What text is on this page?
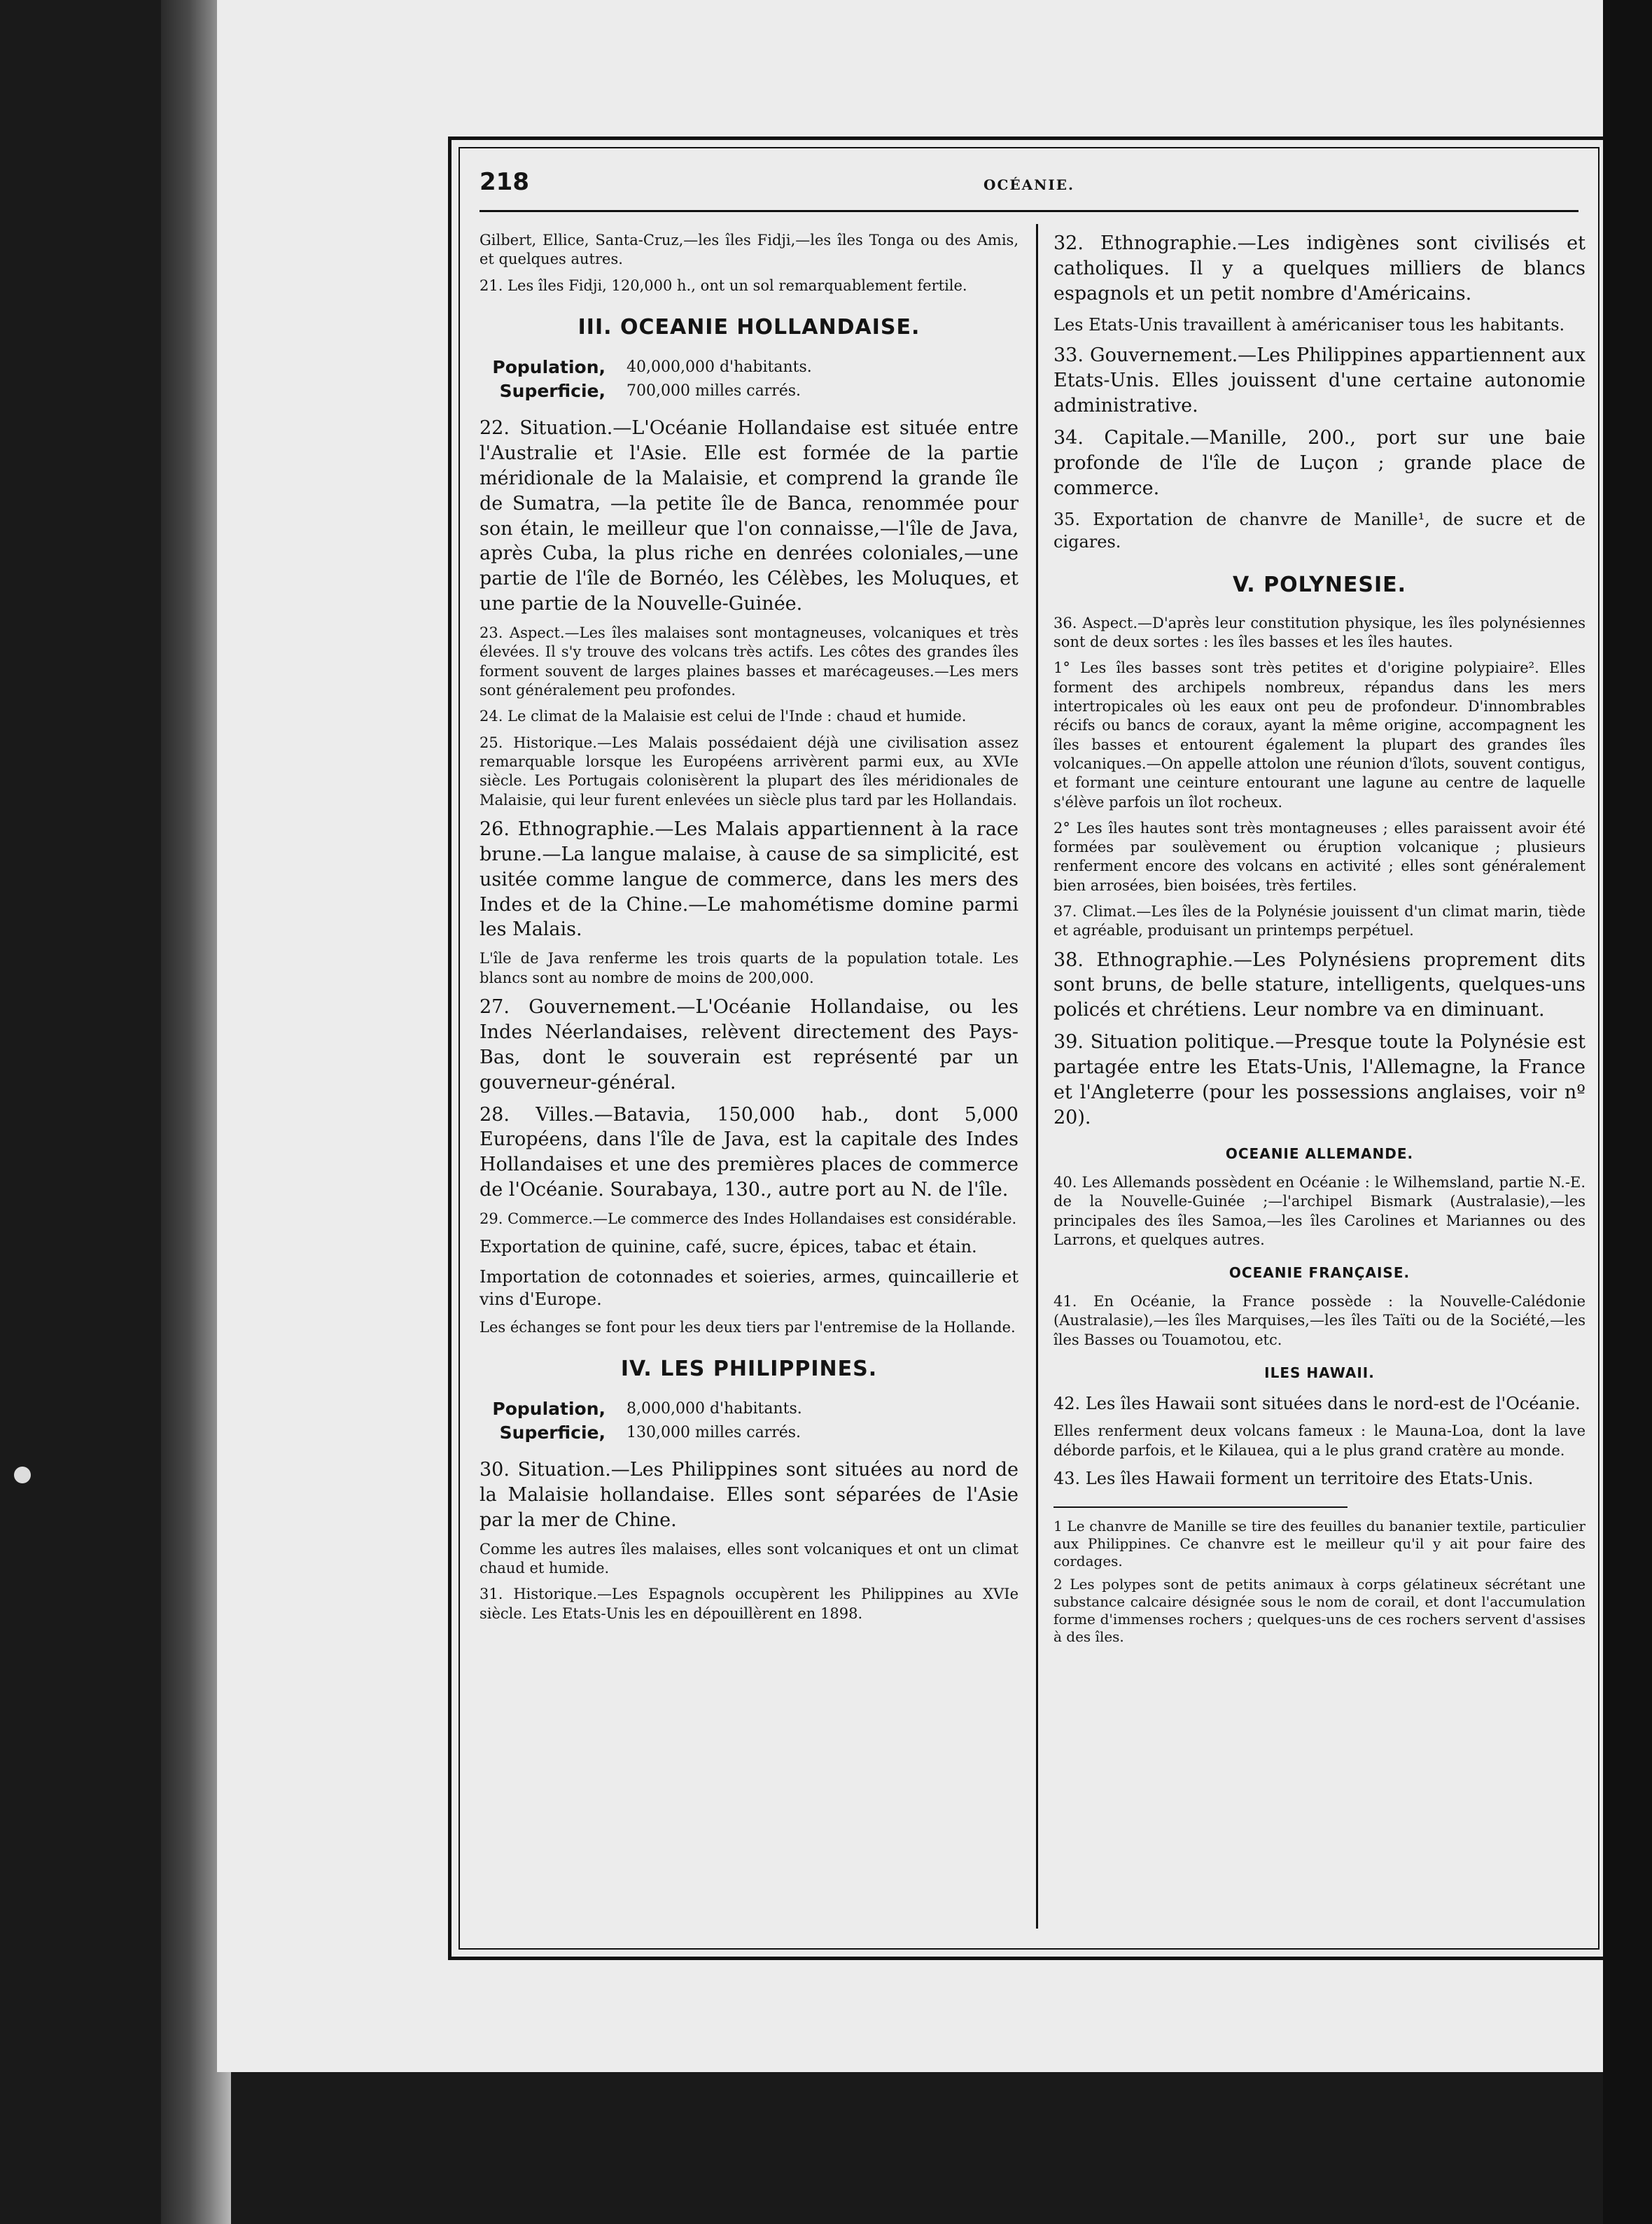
218	OCÉANIE.

Gilbert, Ellice, Santa-Cruz,—les îles Fidji,—les îles Tonga ou des Amis, et quelques autres.

21. Les îles Fidji, 120,000 h., ont un sol remarquablement fertile.

III. OCEANIE HOLLANDAISE.
Population, 40,000,000 d'habitants.
Superficie, 700,000 milles carrés.

22. Situation.—L'Océanie Hollandaise est située entre l'Australie et l'Asie. Elle est formée de la partie méridionale de la Malaisie, et comprend la grande île de Sumatra, —la petite île de Banca, renommée pour son étain, le meilleur que l'on connaisse,—l'île de Java, après Cuba, la plus riche en denrées coloniales,—une partie de l'île de Bornéo, les Célèbes, les Moluques, et une partie de la Nouvelle-Guinée.

23. Aspect.—Les îles malaises sont montagneuses, volcaniques et très élevées. Il s'y trouve des volcans très actifs. Les côtes des grandes îles forment souvent de larges plaines basses et marécageuses.—Les mers sont généralement peu profondes.

24. Le climat de la Malaisie est celui de l'Inde : chaud et humide.

25. Historique.—Les Malais possédaient déjà une civilisation assez remarquable lorsque les Européens arrivèrent parmi eux, au XVIe siècle. Les Portugais colonisèrent la plupart des îles méridionales de Malaisie, qui leur furent enlevées un siècle plus tard par les Hollandais.

26. Ethnographie.—Les Malais appartiennent à la race brune.—La langue malaise, à cause de sa simplicité, est usitée comme langue de commerce, dans les mers des Indes et de la Chine.—Le mahométisme domine parmi les Malais.

L'île de Java renferme les trois quarts de la population totale. Les blancs sont au nombre de moins de 200,000.

27. Gouvernement.—L'Océanie Hollandaise, ou les Indes Néerlandaises, relèvent directement des Pays-Bas, dont le souverain est représenté par un gouverneur-général.

28. Villes.—Batavia, 150,000 hab., dont 5,000 Européens, dans l'île de Java, est la capitale des Indes Hollandaises et une des premières places de commerce de l'Océanie. Sourabaya, 130., autre port au N. de l'île.

29. Commerce.—Le commerce des Indes Hollandaises est considérable.

Exportation de quinine, café, sucre, épices, tabac et étain.

Importation de cotonnades et soieries, armes, quincaillerie et vins d'Europe.

Les échanges se font pour les deux tiers par l'entremise de la Hollande.

IV. LES PHILIPPINES.
Population, 8,000,000 d'habitants.
Superficie, 130,000 milles carrés.

30. Situation.—Les Philippines sont situées au nord de la Malaisie hollandaise. Elles sont séparées de l'Asie par la mer de Chine.

Comme les autres îles malaises, elles sont volcaniques et ont un climat chaud et humide.

31. Historique.—Les Espagnols occupèrent les Philippines au XVIe siècle. Les Etats-Unis les en dépouillèrent en 1898.

32. Ethnographie.—Les indigènes sont civilisés et catholiques. Il y a quelques milliers de blancs espagnols et un petit nombre d'Américains.

Les Etats-Unis travaillent à américaniser tous les habitants.

33. Gouvernement.—Les Philippines appartiennent aux Etats-Unis. Elles jouissent d'une certaine autonomie administrative.

34. Capitale.—Manille, 200., port sur une baie profonde de l'île de Luçon ; grande place de commerce.

35. Exportation de chanvre de Manille¹, de sucre et de cigares.

V. POLYNESIE.

36. Aspect.—D'après leur constitution physique, les îles polynésiennes sont de deux sortes : les îles basses et les îles hautes.

1° Les îles basses sont très petites et d'origine polypiaire². Elles forment des archipels nombreux, répandus dans les mers intertropicales où les eaux ont peu de profondeur. D'innombrables récifs ou bancs de coraux, ayant la même origine, accompagnent les îles basses et entourent également la plupart des grandes îles volcaniques.—On appelle attolon une réunion d'îlots, souvent contigus, et formant une ceinture entourant une lagune au centre de laquelle s'élève parfois un îlot rocheux.

2° Les îles hautes sont très montagneuses ; elles paraissent avoir été formées par soulèvement ou éruption volcanique ; plusieurs renferment encore des volcans en activité ; elles sont généralement bien arrosées, bien boisées, très fertiles.

37. Climat.—Les îles de la Polynésie jouissent d'un climat marin, tiède et agréable, produisant un printemps perpétuel.

38. Ethnographie.—Les Polynésiens proprement dits sont bruns, de belle stature, intelligents, quelques-uns policés et chrétiens. Leur nombre va en diminuant.

39. Situation politique.—Presque toute la Polynésie est partagée entre les Etats-Unis, l'Allemagne, la France et l'Angleterre (pour les possessions anglaises, voir nº 20).

OCEANIE ALLEMANDE.

40. Les Allemands possèdent en Océanie : le Wilhemsland, partie N.-E. de la Nouvelle-Guinée ;—l'archipel Bismark (Australasie),—les principales des îles Samoa,—les îles Carolines et Mariannes ou des Larrons, et quelques autres.

OCEANIE FRANÇAISE.

41. En Océanie, la France possède : la Nouvelle-Calédonie (Australasie),—les îles Marquises,—les îles Taïti ou de la Société,—les îles Basses ou Touamotou, etc.

ILES HAWAII.

42. Les îles Hawaii sont situées dans le nord-est de l'Océanie.

Elles renferment deux volcans fameux : le Mauna-Loa, dont la lave déborde parfois, et le Kilauea, qui a le plus grand cratère au monde.

43. Les îles Hawaii forment un territoire des Etats-Unis.

1 Le chanvre de Manille se tire des feuilles du bananier textile, particulier aux Philippines. Ce chanvre est le meilleur qu'il y ait pour faire des cordages.

2 Les polypes sont de petits animaux à corps gélatineux sécrétant une substance calcaire désignée sous le nom de corail, et dont l'accumulation forme d'immenses rochers ; quelques-uns de ces rochers servent d'assises à des îles.
